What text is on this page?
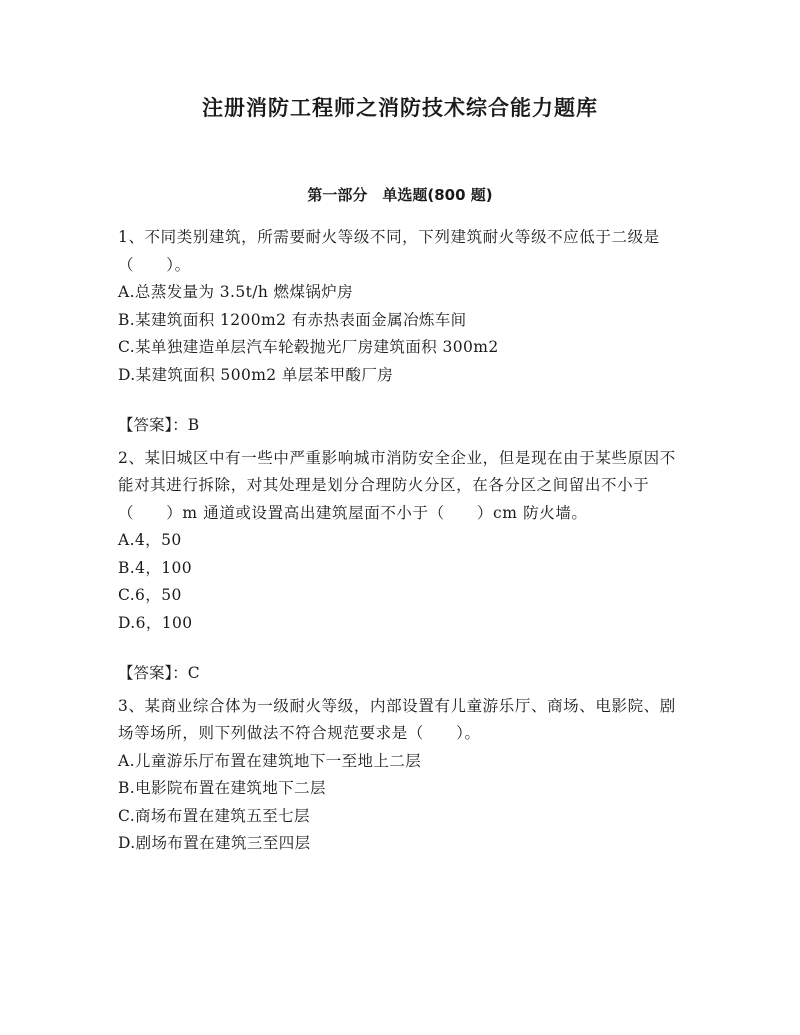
注册消防工程师之消防技术综合能力题库
第一部分　单选题(800 题)

1、不同类别建筑，所需要耐火等级不同，下列建筑耐火等级不应低于二级是（　　）。

A.总蒸发量为 3.5t/h 燃煤锅炉房

B.某建筑面积 1200m2 有赤热表面金属冶炼车间

C.某单独建造单层汽车轮毂抛光厂房建筑面积 300m2

D.某建筑面积 500m2 单层苯甲酸厂房

【答案】：B

2、某旧城区中有一些中严重影响城市消防安全企业，但是现在由于某些原因不能对其进行拆除，对其处理是划分合理防火分区，在各分区之间留出不小于（　　）m 通道或设置高出建筑屋面不小于（　　）cm 防火墙。

A.4，50

B.4，100

C.6，50

D.6，100

【答案】：C

3、某商业综合体为一级耐火等级，内部设置有儿童游乐厅、商场、电影院、剧场等场所，则下列做法不符合规范要求是（　　）。

A.儿童游乐厅布置在建筑地下一至地上二层

B.电影院布置在建筑地下二层

C.商场布置在建筑五至七层

D.剧场布置在建筑三至四层
